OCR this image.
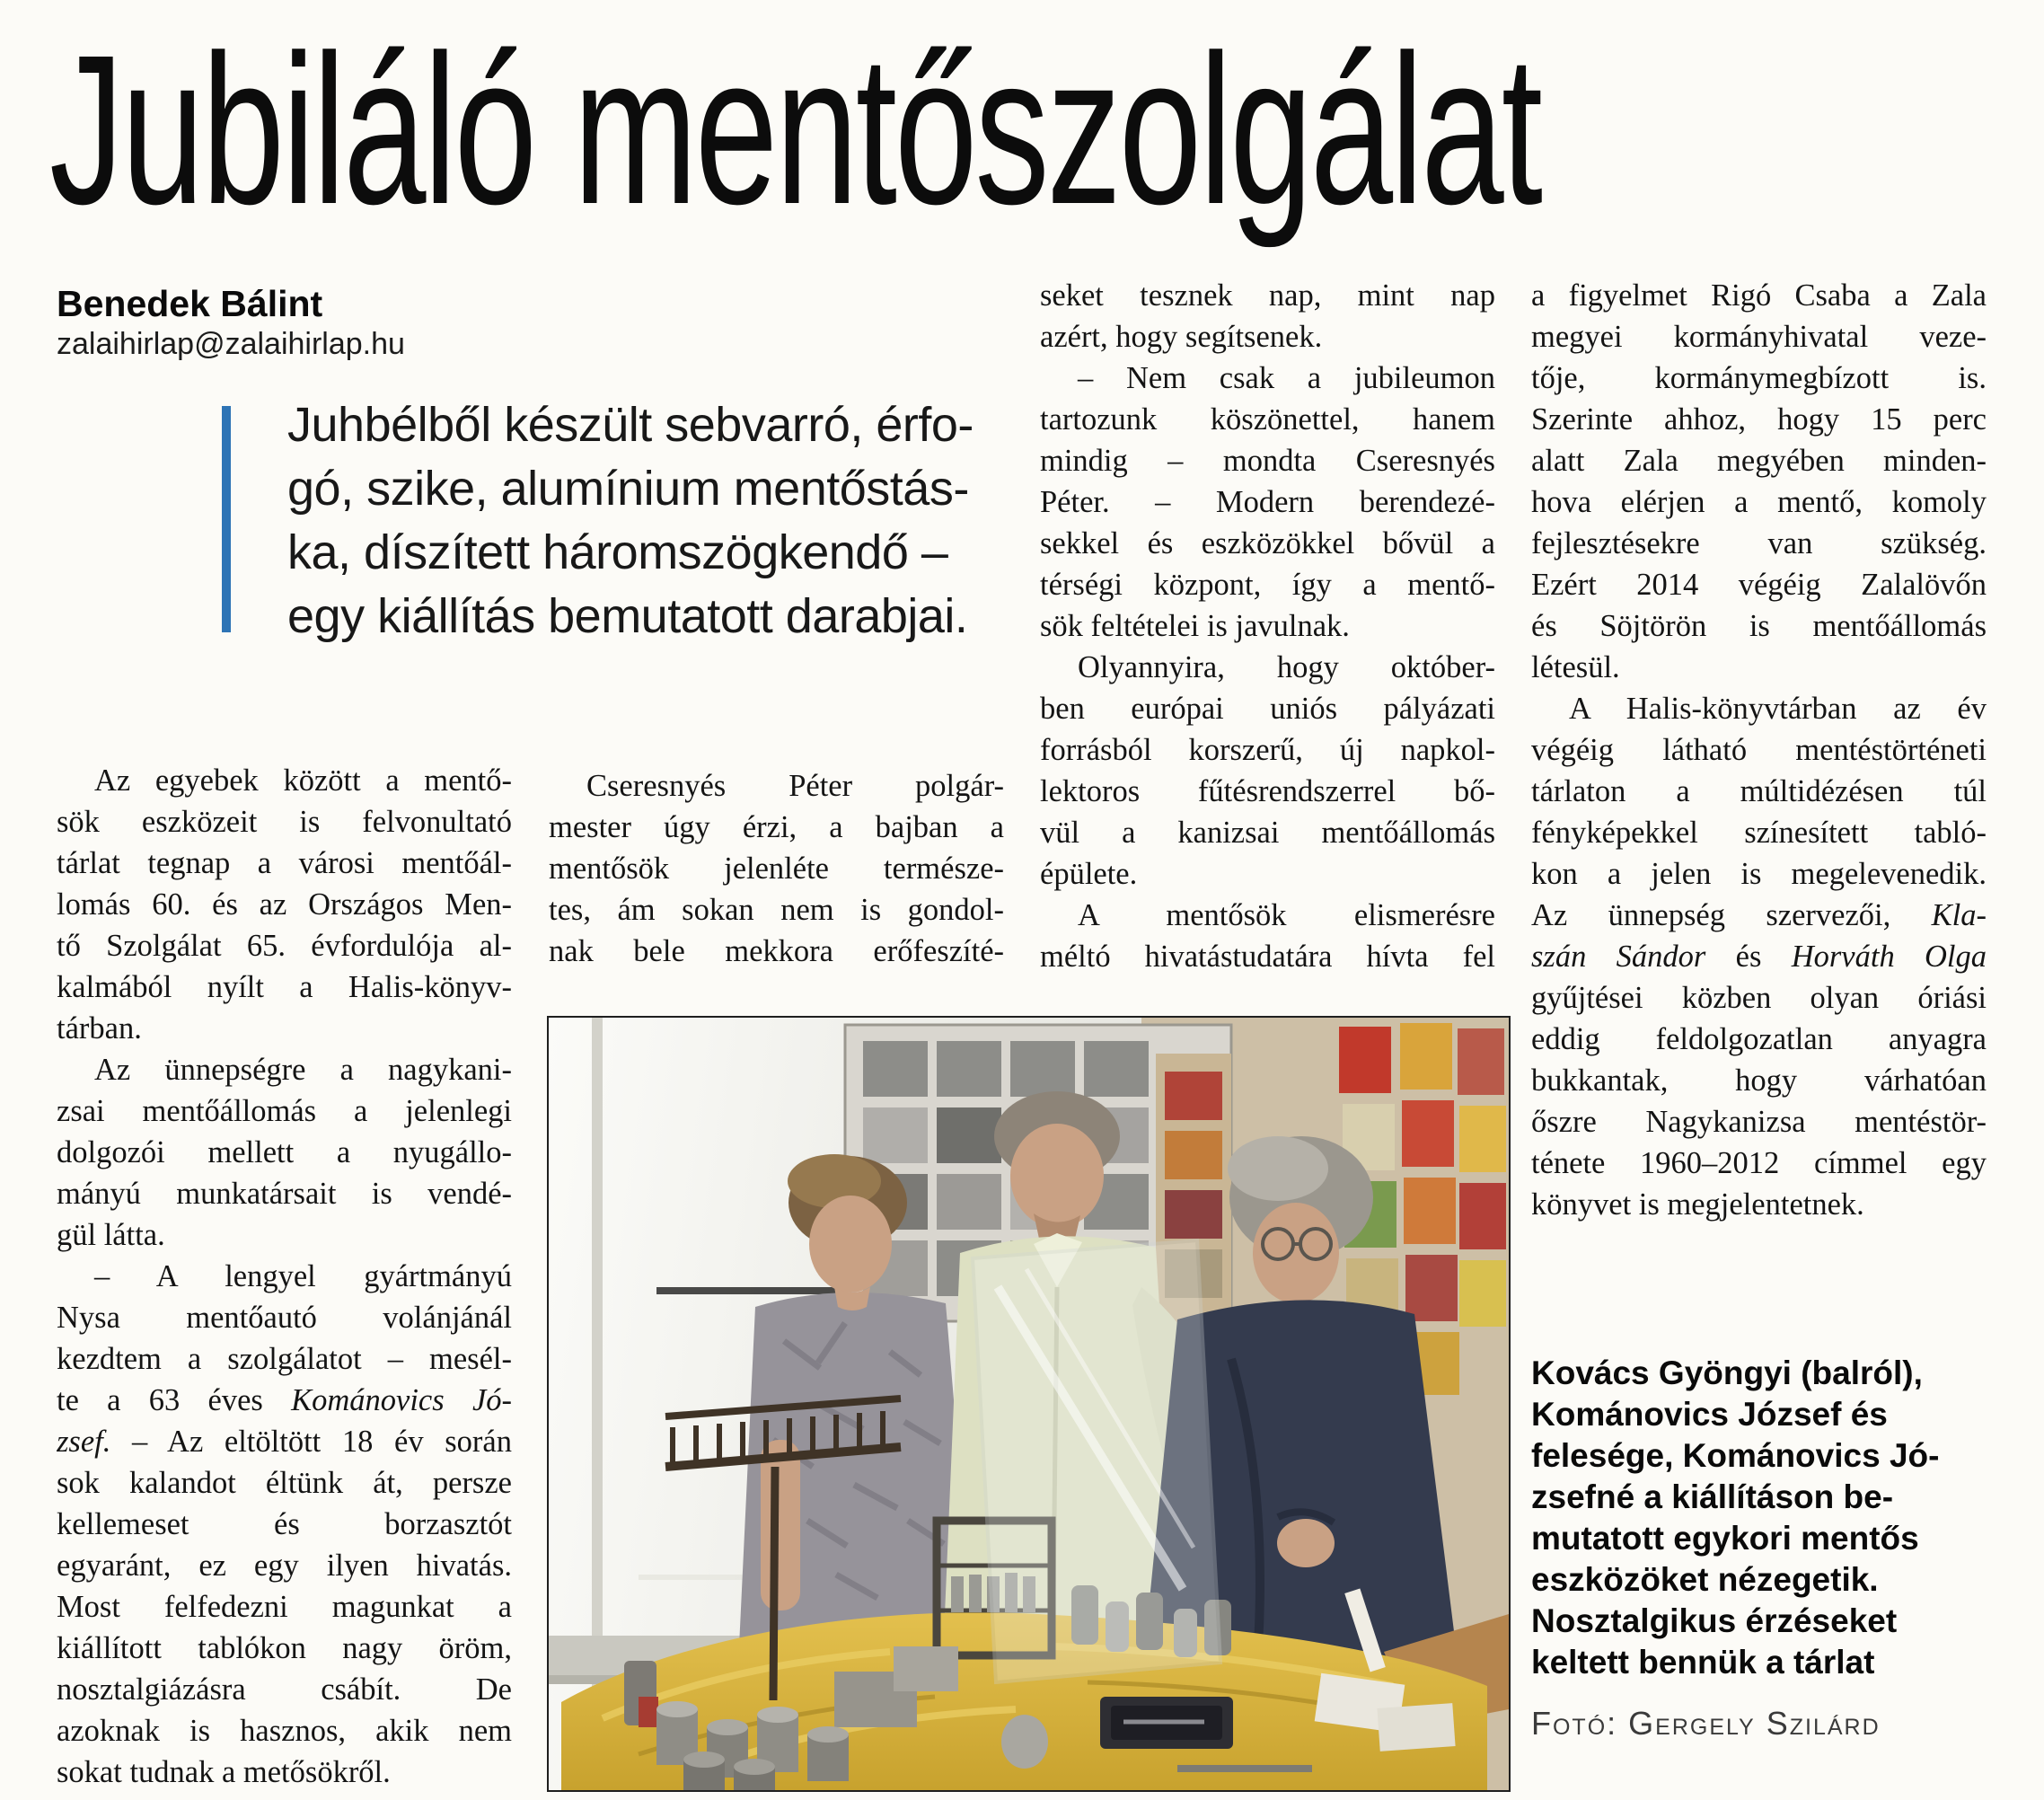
Jubiláló mentőszolgálat
Benedek Bálint
zalaihirlap@zalaihirlap.hu
Juhbélből készült sebvarró, érfo-
gó, szike, alumínium mentőstás-
ka, díszített háromszögkendő –
egy kiállítás bemutatott darabjai.
Az egyebek között a mentő-
sök eszközeit is felvonultató
tárlat tegnap a városi mentőál-
lomás 60. és az Országos Men-
tő Szolgálat 65. évfordulója al-
kalmából nyílt a Halis-könyv-
tárban.
Az ünnepségre a nagykani-
zsai mentőállomás a jelenlegi
dolgozói mellett a nyugállo-
mányú munkatársait is vendé-
gül látta.
– A lengyel gyártmányú
Nysa mentőautó volánjánál
kezdtem a szolgálatot – mesél-
te a 63 éves Kománovics Jó-
zsef. – Az eltöltött 18 év során
sok kalandot éltünk át, persze
kellemeset és borzasztót
egyaránt, ez egy ilyen hivatás.
Most felfedezni magunkat a
kiállított tablókon nagy öröm,
nosztalgiázásra csábít. De
azoknak is hasznos, akik nem
sokat tudnak a metősökről.
Cseresnyés Péter polgár-
mester úgy érzi, a bajban a
mentősök jelenléte természe-
tes, ám sokan nem is gondol-
nak bele mekkora erőfeszíté-
seket tesznek nap, mint nap
azért, hogy segítsenek.
– Nem csak a jubileumon
tartozunk köszönettel, hanem
mindig – mondta Cseresnyés
Péter. – Modern berendezé-
sekkel és eszközökkel bővül a
térségi központ, így a mentő-
sök feltételei is javulnak.
Olyannyira, hogy október-
ben európai uniós pályázati
forrásból korszerű, új napkol-
lektoros fűtésrendszerrel bő-
vül a kanizsai mentőállomás
épülete.
A mentősök elismerésre
méltó hivatástudatára hívta fel
a figyelmet Rigó Csaba a Zala
megyei kormányhivatal veze-
tője, kormánymegbízott is.
Szerinte ahhoz, hogy 15 perc
alatt Zala megyében minden-
hova elérjen a mentő, komoly
fejlesztésekre van szükség.
Ezért 2014 végéig Zalalövőn
és Söjtörön is mentőállomás
létesül.
A Halis-könyvtárban az év
végéig látható mentéstörténeti
tárlaton a múltidézésen túl
fényképekkel színesített tabló-
kon a jelen is megelevenedik.
Az ünnepség szervezői, Kla-
szán Sándor és Horváth Olga
gyűjtései közben olyan óriási
eddig feldolgozatlan anyagra
bukkantak, hogy várhatóan
őszre Nagykanizsa mentéstör-
ténete 1960–2012 címmel egy
könyvet is megjelentetnek.
Kovács Gyöngyi (balról),
Kománovics József és
felesége, Kománovics Jó-
zsefné a kiállításon be-
mutatott egykori mentős
eszközöket nézegetik.
Nosztalgikus érzéseket
keltett bennük a tárlat
Fotó: Gergely Szilárd
